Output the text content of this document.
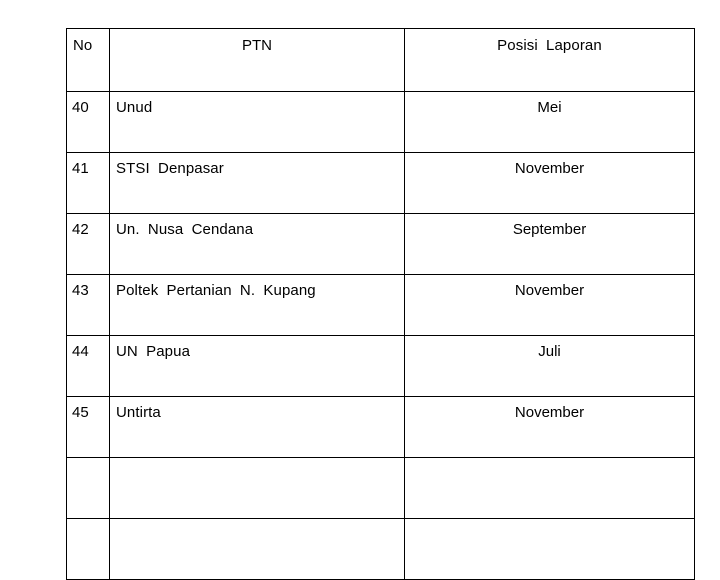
No	PTN	Posisi Laporan
40	Unud	Mei
41	STSI Denpasar	November
42	Un. Nusa Cendana	September
43	Poltek Pertanian N. Kupang	November
44	UN Papua	Juli
45	Untirta	November
